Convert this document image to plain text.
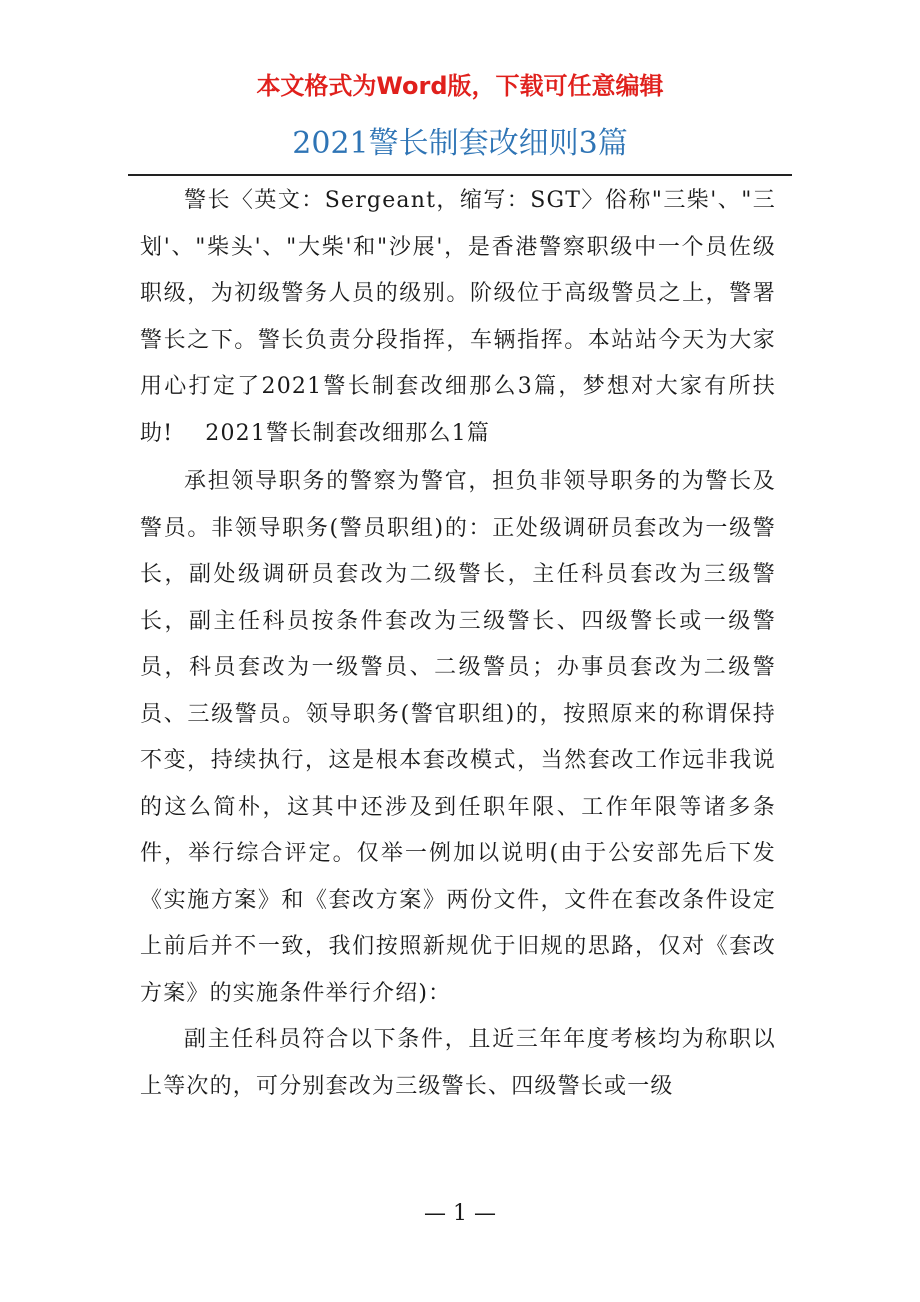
本文格式为Word版，下载可任意编辑
2021警长制套改细则3篇

警长〈英文：Sergeant，缩写：SGT〉俗称"三柴'、"三划'、"柴头'、"大柴'和"沙展'，是香港警察职级中一个员佐级职级，为初级警务人员的级别。阶级位于高级警员之上，警署警长之下。警长负责分段指挥，车辆指挥。本站站今天为大家用心打定了2021警长制套改细那么3篇，梦想对大家有所扶助! 2021警长制套改细那么1篇

承担领导职务的警察为警官，担负非领导职务的为警长及警员。非领导职务(警员职组)的：正处级调研员套改为一级警长，副处级调研员套改为二级警长，主任科员套改为三级警长，副主任科员按条件套改为三级警长、四级警长或一级警员，科员套改为一级警员、二级警员；办事员套改为二级警员、三级警员。领导职务(警官职组)的，按照原来的称谓保持不变，持续执行，这是根本套改模式，当然套改工作远非我说的这么简朴，这其中还涉及到任职年限、工作年限等诸多条件，举行综合评定。仅举一例加以说明(由于公安部先后下发《实施方案》和《套改方案》两份文件，文件在套改条件设定上前后并不一致，我们按照新规优于旧规的思路，仅对《套改方案》的实施条件举行介绍)：

副主任科员符合以下条件，且近三年年度考核均为称职以上等次的，可分别套改为三级警长、四级警长或一级

— 1 —
